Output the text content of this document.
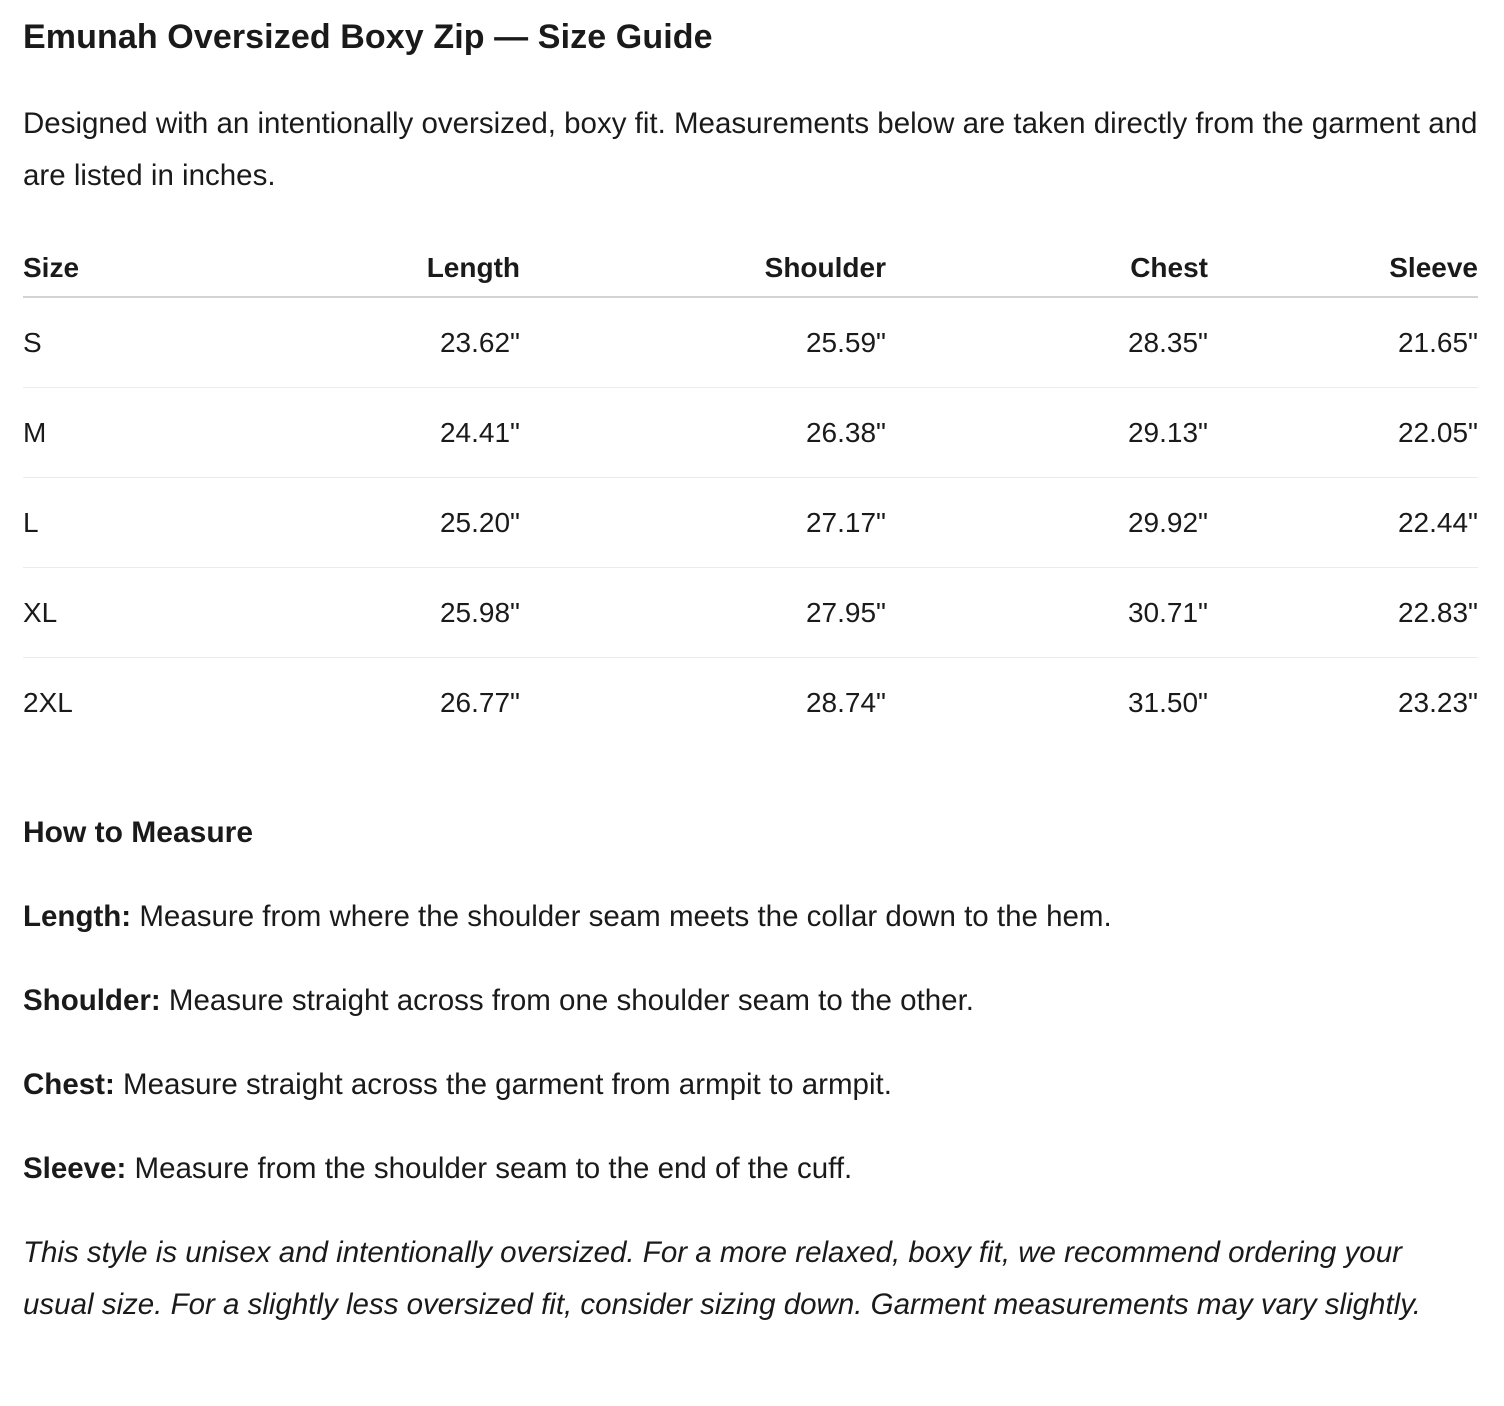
Emunah Oversized Boxy Zip — Size Guide

Designed with an intentionally oversized, boxy fit. Measurements below are taken directly from the garment and are listed in inches.

Size	Length	Shoulder	Chest	Sleeve
S	23.62"	25.59"	28.35"	21.65"
M	24.41"	26.38"	29.13"	22.05"
L	25.20"	27.17"	29.92"	22.44"
XL	25.98"	27.95"	30.71"	22.83"
2XL	26.77"	28.74"	31.50"	23.23"
How to Measure

Length: Measure from where the shoulder seam meets the collar down to the hem.

Shoulder: Measure straight across from one shoulder seam to the other.

Chest: Measure straight across the garment from armpit to armpit.

Sleeve: Measure from the shoulder seam to the end of the cuff.

This style is unisex and intentionally oversized. For a more relaxed, boxy fit, we recommend ordering your usual size. For a slightly less oversized fit, consider sizing down. Garment measurements may vary slightly.
